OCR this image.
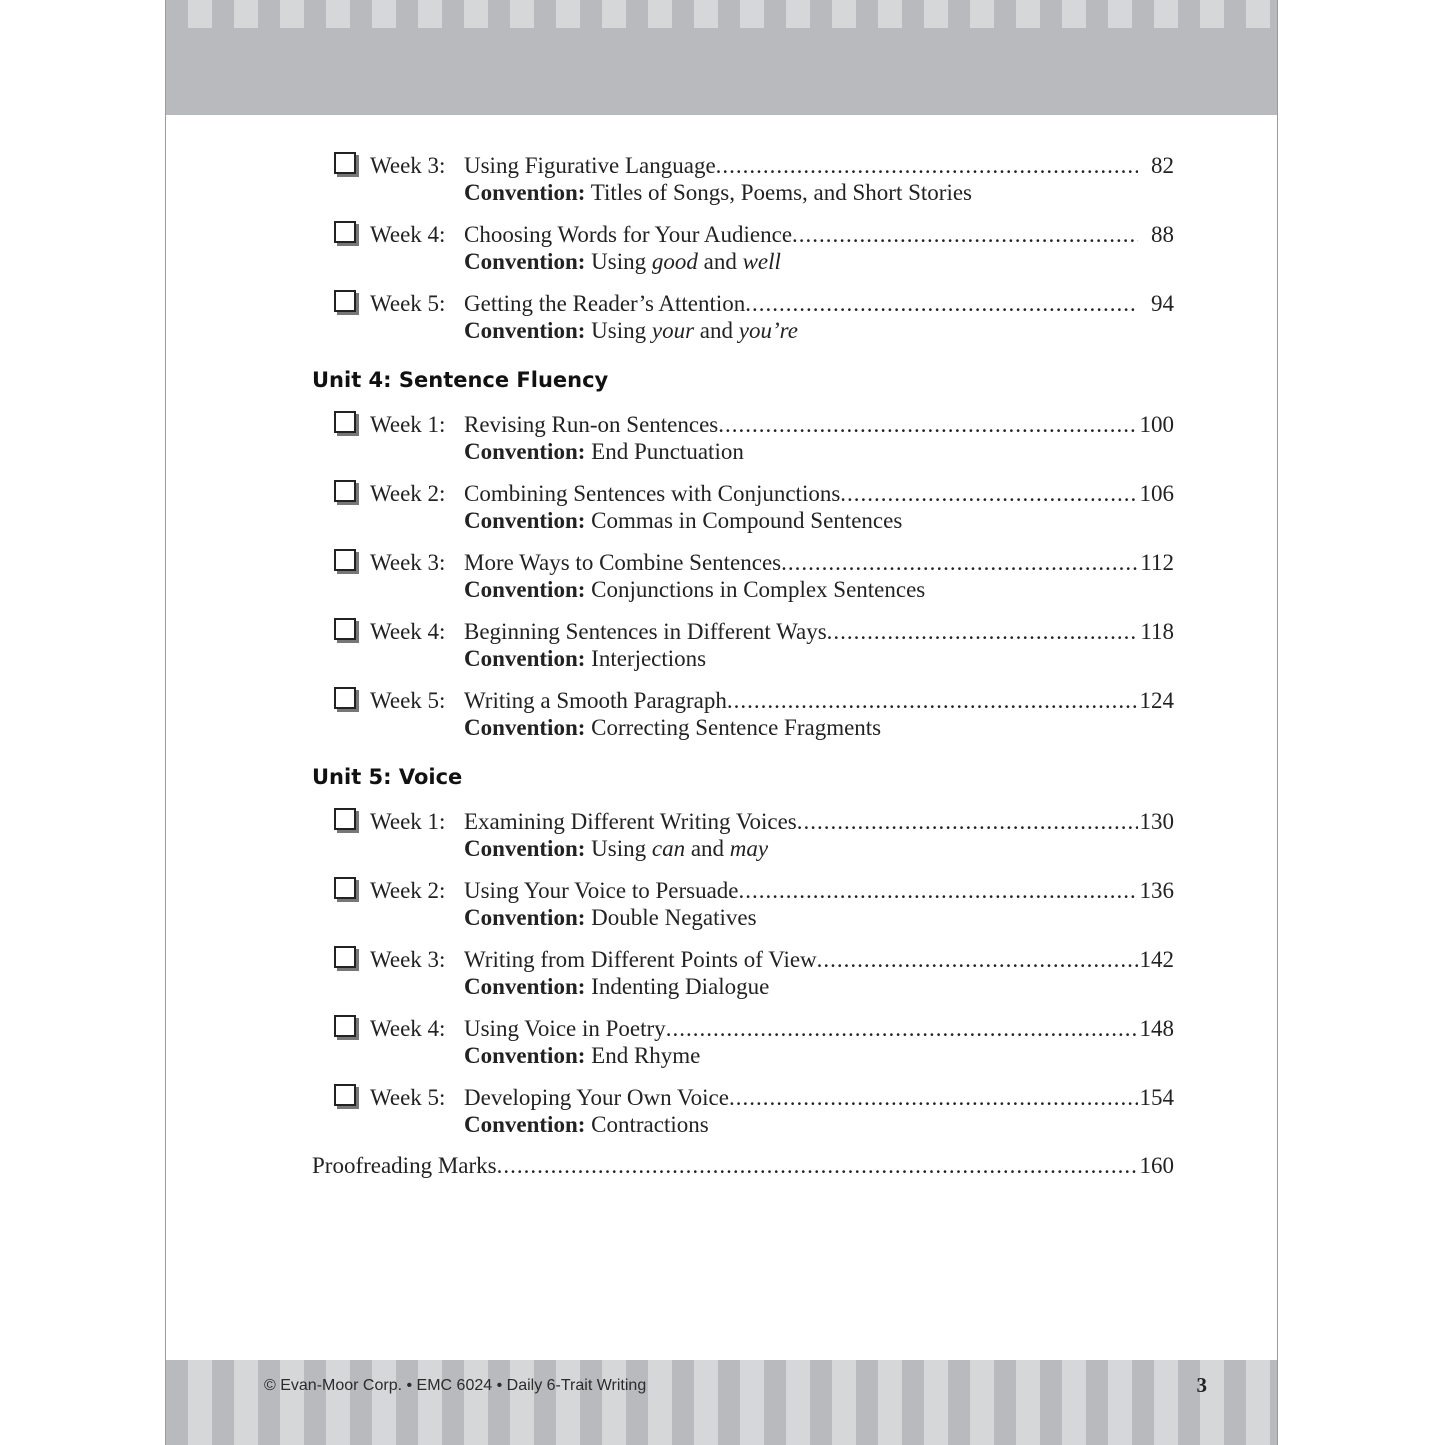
Week 3: Using Figurative Language .....	82
Convention: Titles of Songs, Poems, and Short Stories
Week 4: Choosing Words for Your Audience .....	88
Convention: Using good and well
Week 5: Getting the Reader’s Attention .....	94
Convention: Using your and you’re
Unit 4: Sentence Fluency
Week 1: Revising Run-on Sentences .....	100
Convention: End Punctuation
Week 2: Combining Sentences with Conjunctions .....	106
Convention: Commas in Compound Sentences
Week 3: More Ways to Combine Sentences .....	112
Convention: Conjunctions in Complex Sentences
Week 4: Beginning Sentences in Different Ways .....	118
Convention: Interjections
Week 5: Writing a Smooth Paragraph .....	124
Convention: Correcting Sentence Fragments
Unit 5: Voice
Week 1: Examining Different Writing Voices .....	130
Convention: Using can and may
Week 2: Using Your Voice to Persuade .....	136
Convention: Double Negatives
Week 3: Writing from Different Points of View .....	142
Convention: Indenting Dialogue
Week 4: Using Voice in Poetry .....	148
Convention: End Rhyme
Week 5: Developing Your Own Voice .....	154
Convention: Contractions
Proofreading Marks .....	160
© Evan-Moor Corp. • EMC 6024 • Daily 6-Trait Writing	3
